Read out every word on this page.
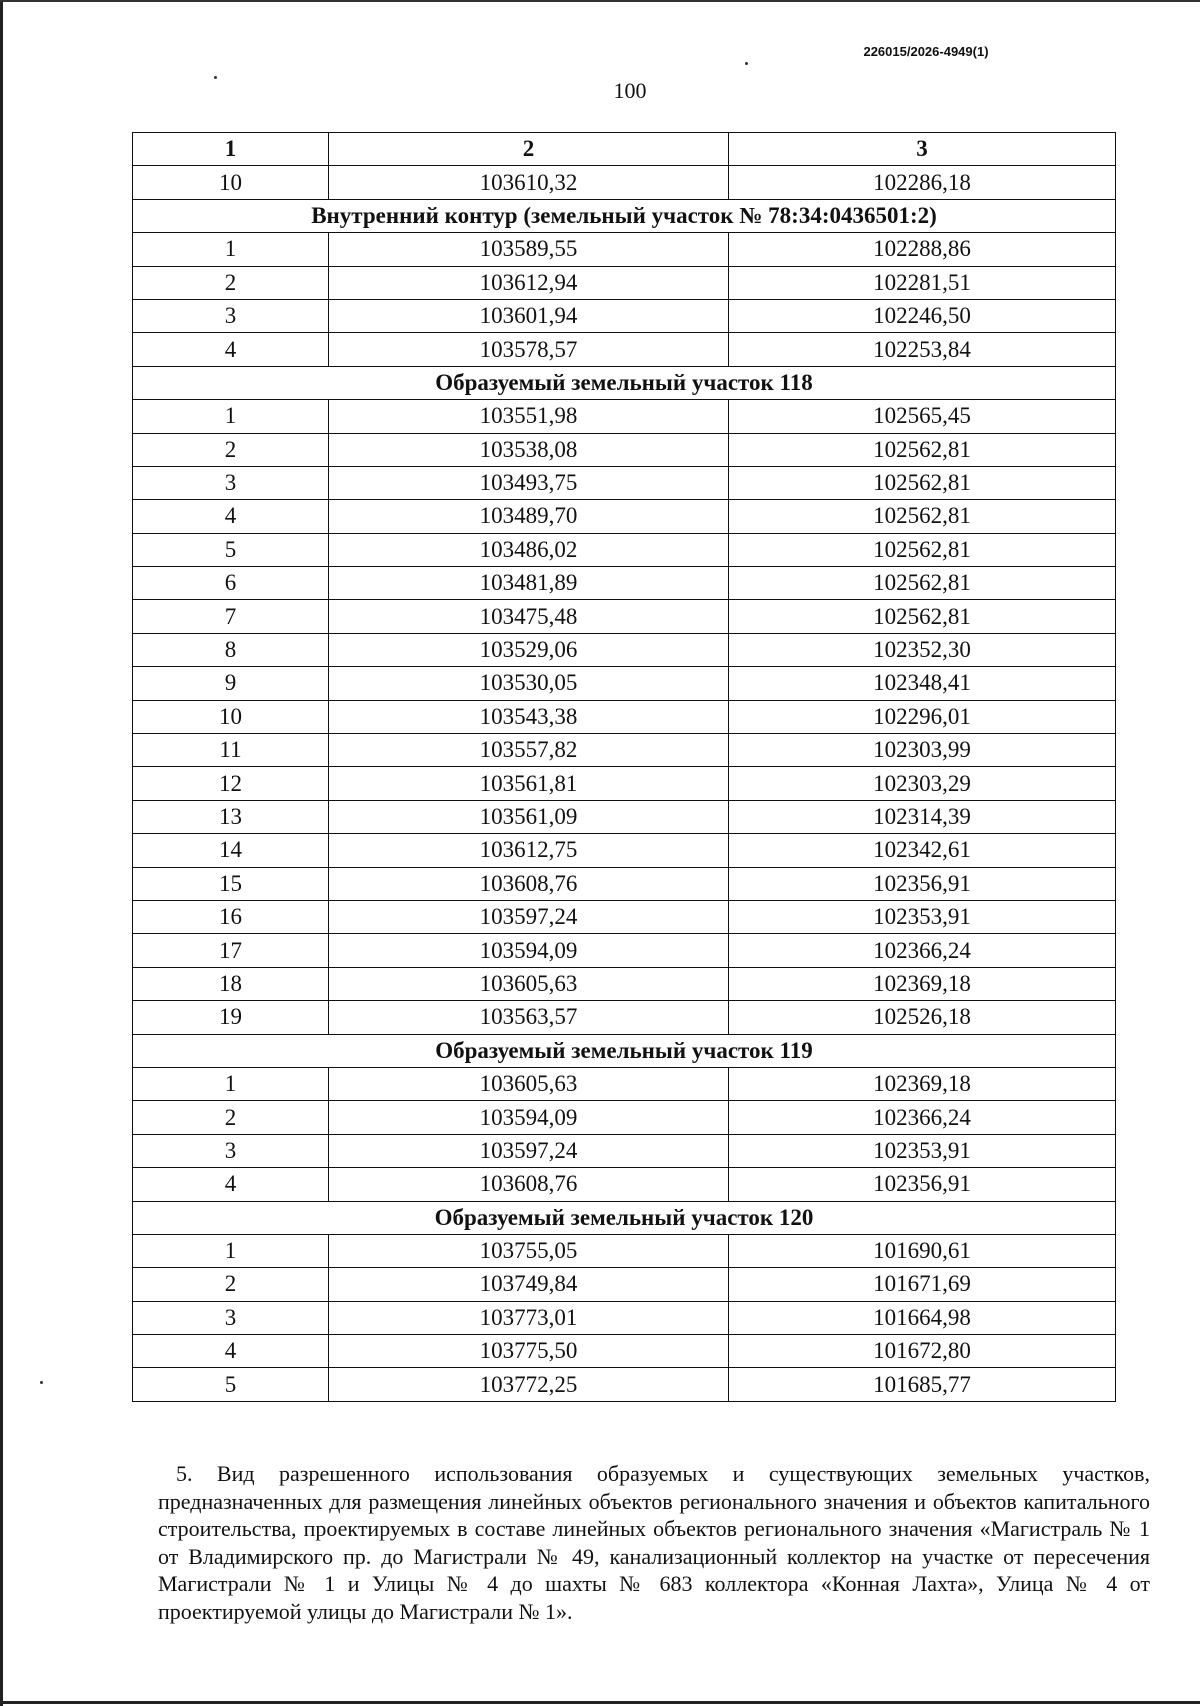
226015/2026-4949(1)
100
1	2	3
10	103610,32	102286,18
Внутренний контур (земельный участок № 78:34:0436501:2)		
1	103589,55	102288,86
2	103612,94	102281,51
3	103601,94	102246,50
4	103578,57	102253,84
Образуемый земельный участок 118		
1	103551,98	102565,45
2	103538,08	102562,81
3	103493,75	102562,81
4	103489,70	102562,81
5	103486,02	102562,81
6	103481,89	102562,81
7	103475,48	102562,81
8	103529,06	102352,30
9	103530,05	102348,41
10	103543,38	102296,01
11	103557,82	102303,99
12	103561,81	102303,29
13	103561,09	102314,39
14	103612,75	102342,61
15	103608,76	102356,91
16	103597,24	102353,91
17	103594,09	102366,24
18	103605,63	102369,18
19	103563,57	102526,18
Образуемый земельный участок 119		
1	103605,63	102369,18
2	103594,09	102366,24
3	103597,24	102353,91
4	103608,76	102356,91
Образуемый земельный участок 120		
1	103755,05	101690,61
2	103749,84	101671,69
3	103773,01	101664,98
4	103775,50	101672,80
5	103772,25	101685,77
5. Вид разрешенного использования образуемых и существующих земельных участков, предназначенных для размещения линейных объектов регионального значения и объектов капитального строительства, проектируемых в составе линейных объектов регионального значения «Магистраль № 1 от Владимирского пр. до Магистрали № 49, канализационный коллектор на участке от пересечения Магистрали № 1 и Улицы № 4 до шахты № 683 коллектора «Конная Лахта», Улица № 4 от проектируемой улицы до Магистрали № 1».
